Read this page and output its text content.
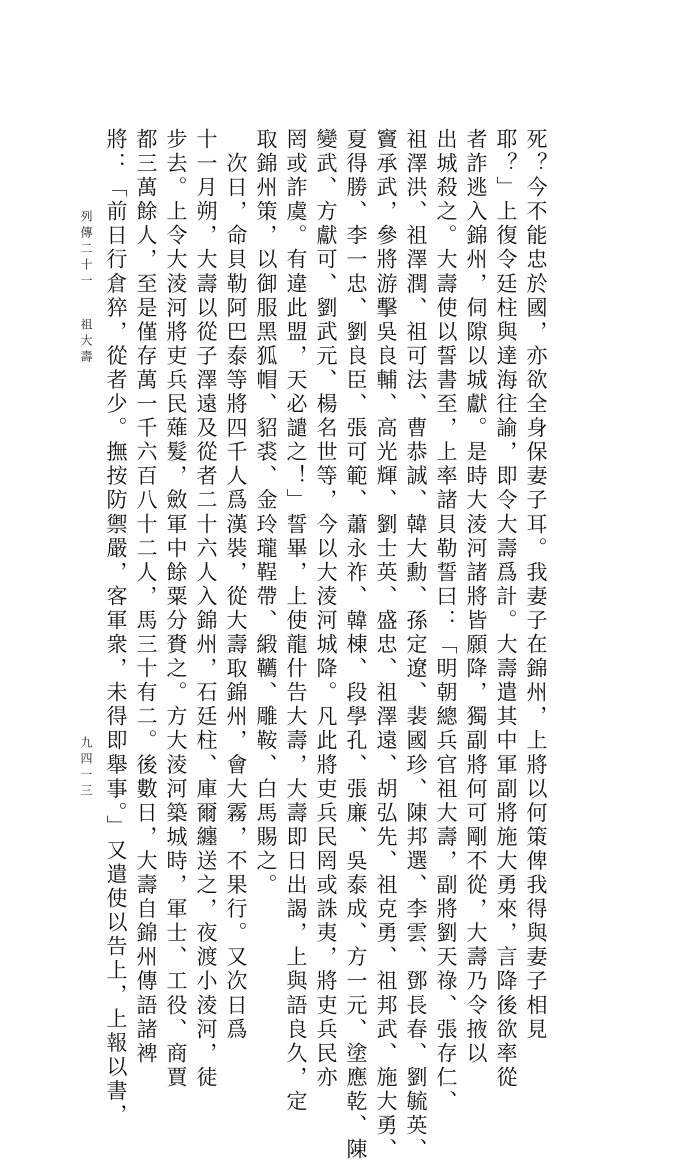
列傳二十一
祖大壽
九四一三 將：「前日行倉猝，從者少。撫按防禦嚴，客軍衆，未得即舉事。」又遣使以告上，上報以書， 都三萬餘人，至是僅存萬一千六百八十二人，馬三十有二。後數日，大壽自錦州傳語諸裨 步去。上令大淩河將吏兵民薙髮，斂軍中餘粟分賚之。方大淩河築城時，軍士、工役、商賈 十一月朔，大壽以從子澤遠及從者二十六人入錦州，石廷柱、庫爾纏送之，夜渡小淩河，徒 　次日，命貝勒阿巴泰等將四千人爲漢裝，從大壽取錦州，會大霧，不果行。又次日爲 取錦州策，以御服黑狐帽、貂裘、金玲瓏鞓帶、緞韉、雕鞍、白馬賜之。 罔或詐虞。有違此盟，天必譴之！」誓畢，上使龍什告大壽，大壽即日出謁，上與語良久，定 變武、方獻可、劉武元、楊名世等，今以大淩河城降。凡此將吏兵民罔或誅夷，將吏兵民亦 夏得勝、李一忠、劉良臣、張可範、蕭永祚、韓棟、段學孔、張廉、吳泰成、方一元、塗應乾、陳 竇承武，參將游擊吳良輔、高光輝、劉士英、盛忠、祖澤遠、胡弘先、祖克勇、祖邦武、施大勇、 祖澤洪、祖澤潤、祖可法、曹恭誠、韓大勳、孫定遼、裴國珍、陳邦選、李雲、鄧長春、劉毓英、 出城殺之。大壽使以誓書至，上率諸貝勒誓曰：「明朝總兵官祖大壽，副將劉天祿、張存仁、 者詐逃入錦州，伺隙以城獻。是時大淩河諸將皆願降，獨副將何可剛不從，大壽乃令掖以 耶？」上復令廷柱與達海往諭，即令大壽爲計。大壽遣其中軍副將施大勇來，言降後欲率從 死？今不能忠於國，亦欲全身保妻子耳。我妻子在錦州，上將以何策俾我得與妻子相見
